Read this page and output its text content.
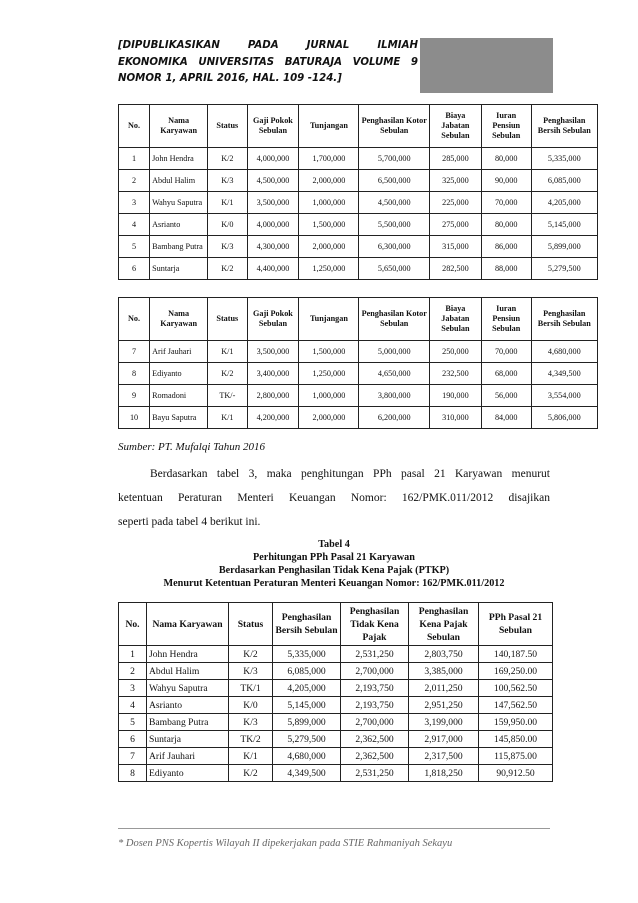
[DIPUBLIKASIKAN PADA JURNAL ILMIAH
EKONOMIKA UNIVERSITAS BATURAJA VOLUME 9
NOMOR 1, APRIL 2016, HAL. 109 -124.]
No.	Nama Karyawan	Status	Gaji Pokok Sebulan	Tunjangan	Penghasilan Kotor Sebulan	Biaya Jabatan Sebulan	Iuran Pensiun Sebulan	Penghasilan Bersih Sebulan
1	John Hendra	K/2	4,000,000	1,700,000	5,700,000	285,000	80,000	5,335,000
2	Abdul Halim	K/3	4,500,000	2,000,000	6,500,000	325,000	90,000	6,085,000
3	Wahyu Saputra	K/1	3,500,000	1,000,000	4,500,000	225,000	70,000	4,205,000
4	Asrianto	K/0	4,000,000	1,500,000	5,500,000	275,000	80,000	5,145,000
5	Bambang Putra	K/3	4,300,000	2,000,000	6,300,000	315,000	86,000	5,899,000
6	Suntarja	K/2	4,400,000	1,250,000	5,650,000	282,500	88,000	5,279,500
No.	Nama Karyawan	Status	Gaji Pokok Sebulan	Tunjangan	Penghasilan Kotor Sebulan	Biaya Jabatan Sebulan	Iuran Pensiun Sebulan	Penghasilan Bersih Sebulan
7	Arif Jauhari	K/1	3,500,000	1,500,000	5,000,000	250,000	70,000	4,680,000
8	Ediyanto	K/2	3,400,000	1,250,000	4,650,000	232,500	68,000	4,349,500
9	Romadoni	TK/-	2,800,000	1,000,000	3,800,000	190,000	56,000	3,554,000
10	Bayu Saputra	K/1	4,200,000	2,000,000	6,200,000	310,000	84,000	5,806,000
Sumber: PT. Mufalqi Tahun 2016
Berdasarkan tabel 3, maka penghitungan PPh pasal 21 Karyawan menurut
ketentuan Peraturan Menteri Keuangan Nomor: 162/PMK.011/2012 disajikan
seperti pada tabel 4 berikut ini.
Tabel 4
Perhitungan PPh Pasal 21 Karyawan
Berdasarkan Penghasilan Tidak Kena Pajak (PTKP)
Menurut Ketentuan Peraturan Menteri Keuangan Nomor: 162/PMK.011/2012
No.	Nama Karyawan	Status	Penghasilan Bersih Sebulan	Penghasilan Tidak Kena Pajak	Penghasilan Kena Pajak Sebulan	PPh Pasal 21 Sebulan
1	John Hendra	K/2	5,335,000	2,531,250	2,803,750	140,187.50
2	Abdul Halim	K/3	6,085,000	2,700,000	3,385,000	169,250.00
3	Wahyu Saputra	TK/1	4,205,000	2,193,750	2,011,250	100,562.50
4	Asrianto	K/0	5,145,000	2,193,750	2,951,250	147,562.50
5	Bambang Putra	K/3	5,899,000	2,700,000	3,199,000	159,950.00
6	Suntarja	TK/2	5,279,500	2,362,500	2,917,000	145,850.00
7	Arif Jauhari	K/1	4,680,000	2,362,500	2,317,500	115,875.00
8	Ediyanto	K/2	4,349,500	2,531,250	1,818,250	90,912.50
* Dosen PNS Kopertis Wilayah II dipekerjakan pada STIE Rahmaniyah Sekayu
